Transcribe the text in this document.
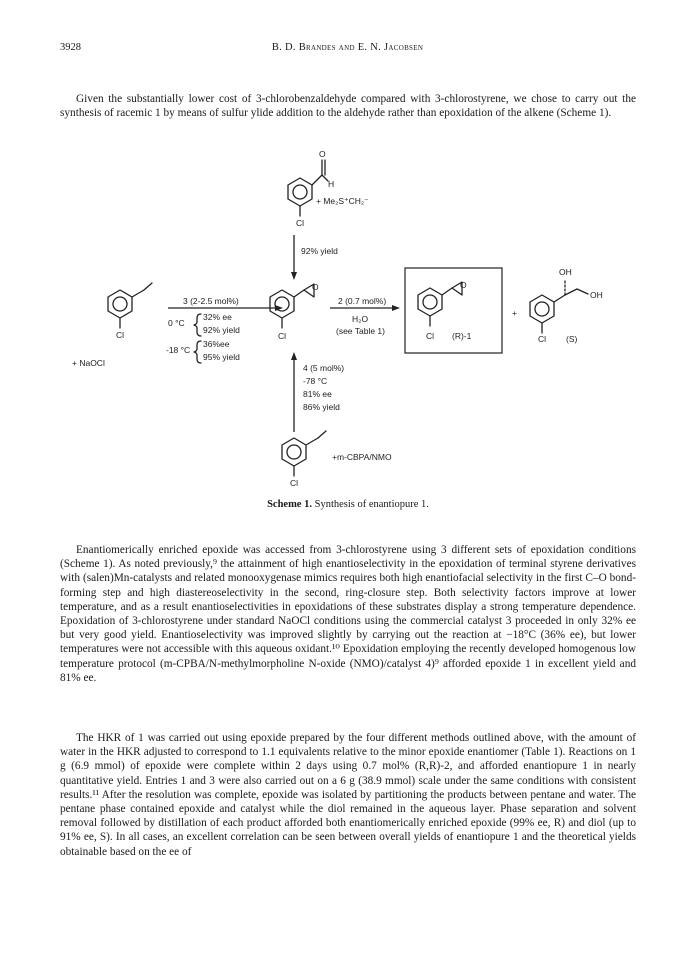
3928	B. D. Brandes and E. N. Jacobsen

Given the substantially lower cost of 3-chlorobenzaldehyde compared with 3-chlorostyrene, we chose to carry out the synthesis of racemic 1 by means of sulfur ylide addition to the aldehyde rather than epoxidation of the alkene (Scheme 1).

O
H
Cl
+ Me₂S⁺CH₂⁻
92% yield
Cl
+ NaOCl
3 (2-2.5 mol%)
0 °C
32% ee
92% yield
-18 °C
36%ee
95% yield
O
Cl
2 (0.7 mol%)
H₂O
(see Table 1)
O
Cl (R)-1
+
OH
OH
Cl (S)
4 (5 mol%)
-78 °C
81% ee
86% yield
Cl
+m-CBPA/NMO
Scheme 1. Synthesis of enantiopure 1.

Enantiomerically enriched epoxide was accessed from 3-chlorostyrene using 3 different sets of epoxidation conditions (Scheme 1). As noted previously,⁹ the attainment of high enantioselectivity in the epoxidation of terminal styrene derivatives with (salen)Mn-catalysts and related monooxygenase mimics requires both high enantiofacial selectivity in the first C–O bond-forming step and high diastereoselectivity in the second, ring-closure step. Both selectivity factors improve at lower temperature, and as a result enantioselectivities in epoxidations of these substrates display a strong temperature dependence. Epoxidation of 3-chlorostyrene under standard NaOCl conditions using the commercial catalyst 3 proceeded in only 32% ee but very good yield. Enantioselectivity was improved slightly by carrying out the reaction at −18°C (36% ee), but lower temperatures were not accessible with this aqueous oxidant.¹⁰ Epoxidation employing the recently developed homogenous low temperature protocol (m-CPBA/N-methylmorpholine N-oxide (NMO)/catalyst 4)⁹ afforded epoxide 1 in excellent yield and 81% ee.

The HKR of 1 was carried out using epoxide prepared by the four different methods outlined above, with the amount of water in the HKR adjusted to correspond to 1.1 equivalents relative to the minor epoxide enantiomer (Table 1). Reactions on 1 g (6.9 mmol) of epoxide were complete within 2 days using 0.7 mol% (R,R)-2, and afforded enantiopure 1 in nearly quantitative yield. Entries 1 and 3 were also carried out on a 6 g (38.9 mmol) scale under the same conditions with consistent results.¹¹ After the resolution was complete, epoxide was isolated by partitioning the products between pentane and water. The pentane phase contained epoxide and catalyst while the diol remained in the aqueous layer. Phase separation and solvent removal followed by distillation of each product afforded both enantiomerically enriched epoxide (99% ee, R) and diol (up to 91% ee, S). In all cases, an excellent correlation can be seen between overall yields of enantiopure 1 and the theoretical yields obtainable based on the ee of
